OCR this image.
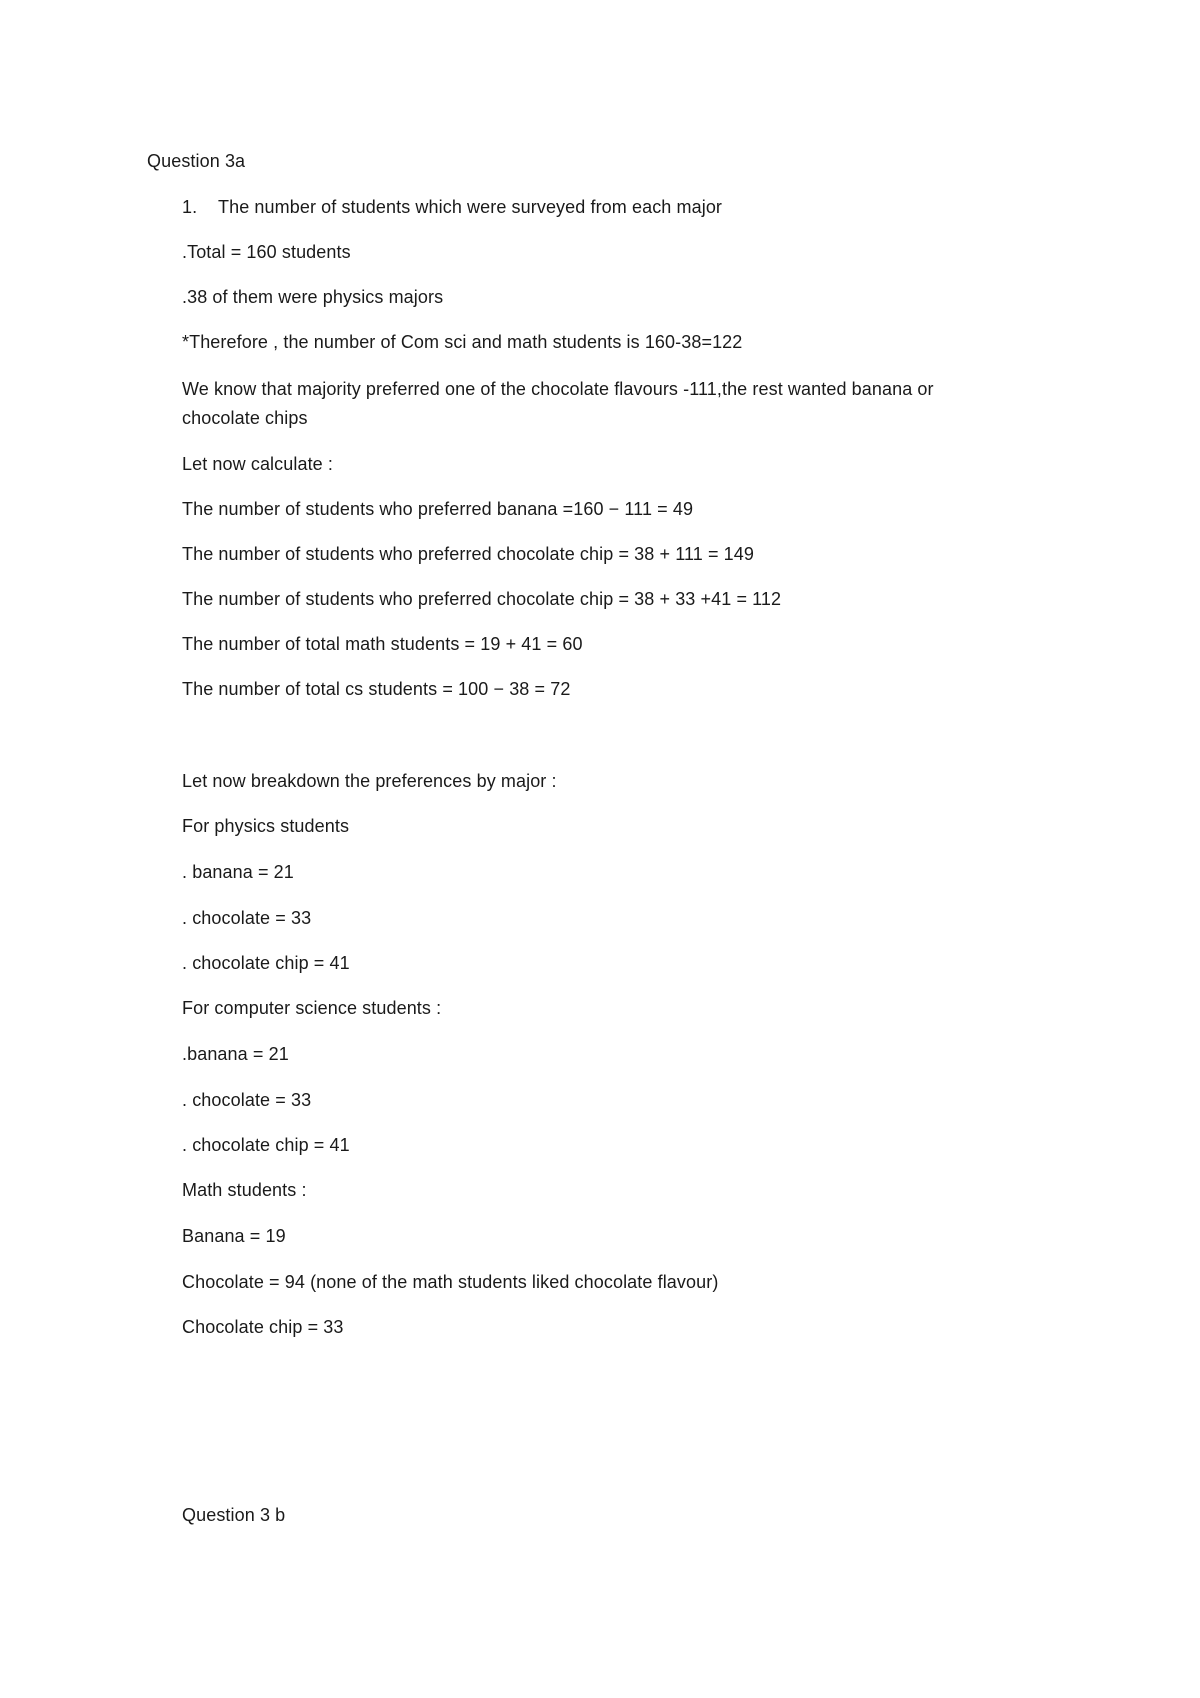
Question 3a
1. The number of students which were surveyed from each major
.Total = 160 students
.38 of them were physics majors
*Therefore , the number of Com sci and math students is 160-38=122
We know that majority preferred one of the chocolate flavours -111,the rest wanted banana or
chocolate chips
Let now calculate :
The number of students who preferred banana =160 − 111 = 49
The number of students who preferred chocolate chip = 38 + 111 = 149
The number of students who preferred chocolate chip = 38 + 33 +41 = 112
The number of total math students = 19 + 41 = 60
The number of total cs students = 100 − 38 = 72
Let now breakdown the preferences by major :
For physics students
. banana = 21
. chocolate = 33
. chocolate chip = 41
For computer science students :
.banana = 21
. chocolate = 33
. chocolate chip = 41
Math students :
Banana = 19
Chocolate = 94 (none of the math students liked chocolate flavour)
Chocolate chip = 33
Question 3 b
